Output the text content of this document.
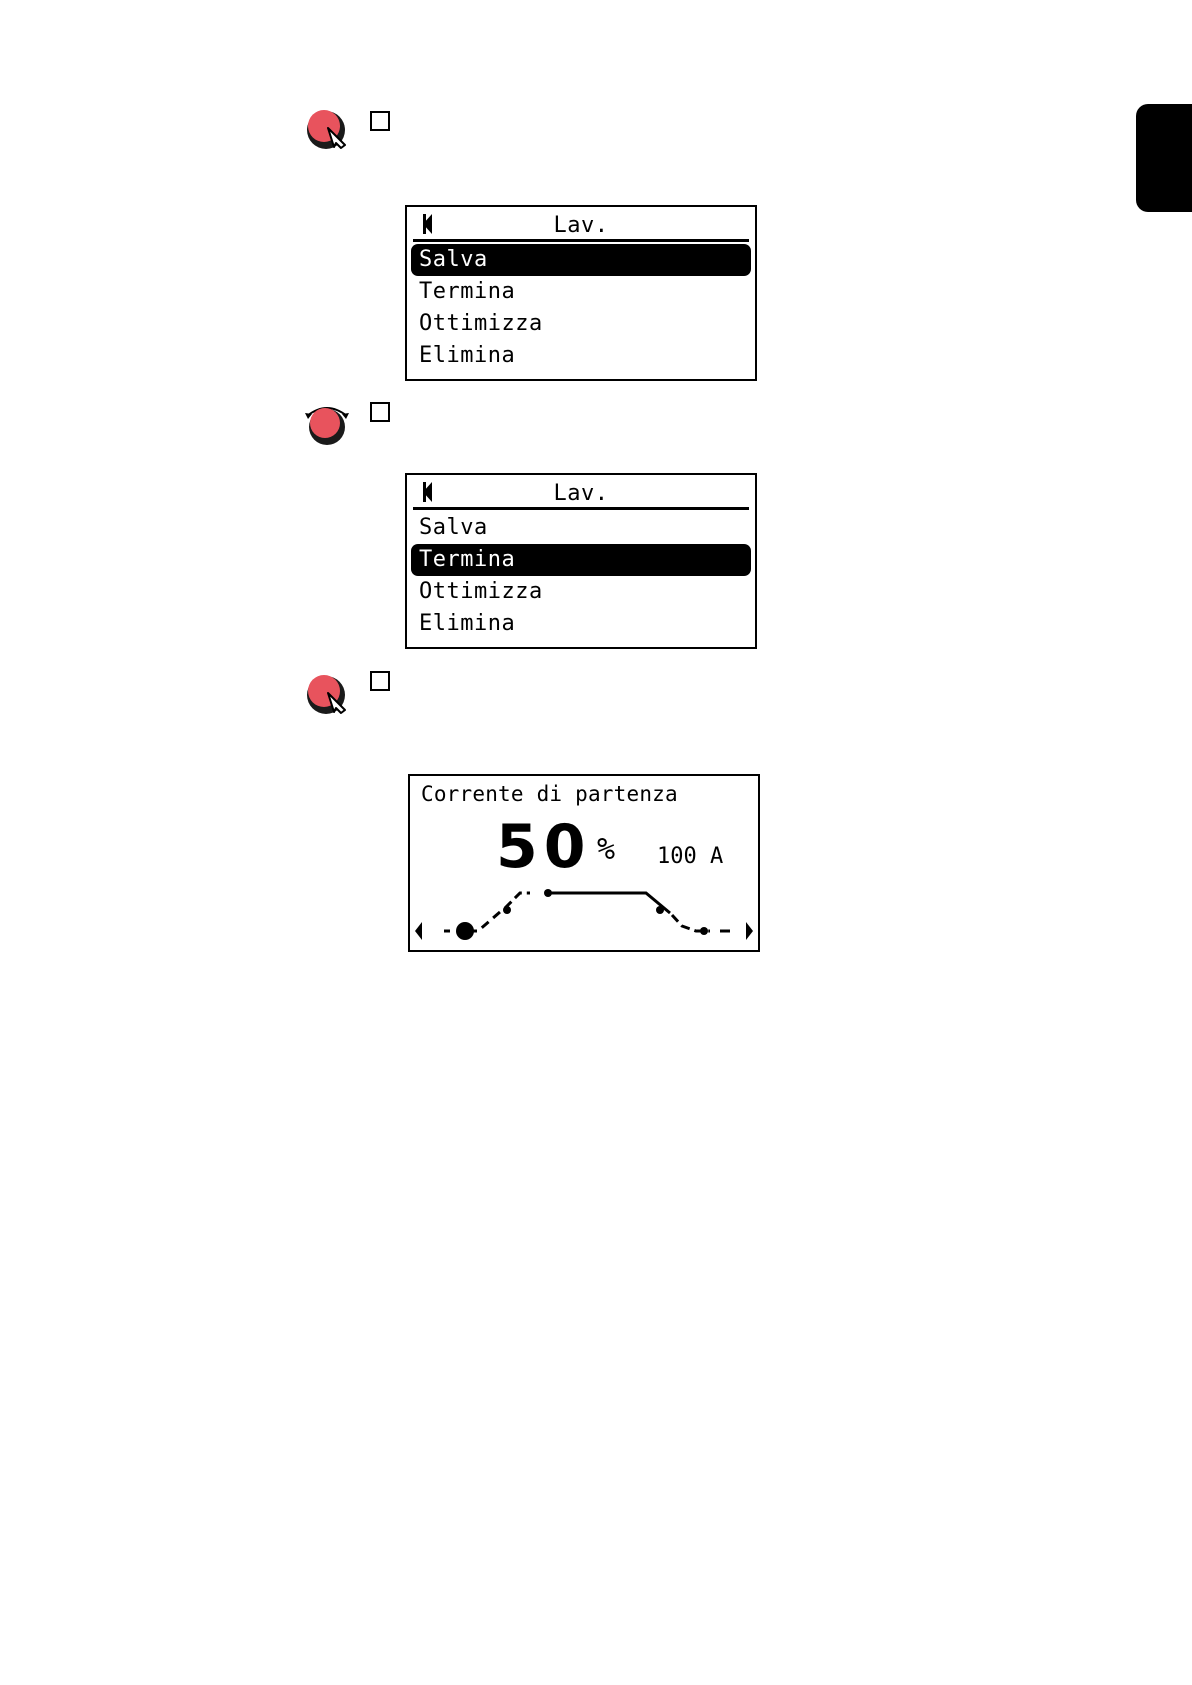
Lav.
Salva
Termina
Ottimizza
Elimina
Lav.
Salva
Termina
Ottimizza
Elimina
Corrente di partenza
50 % 100 A
